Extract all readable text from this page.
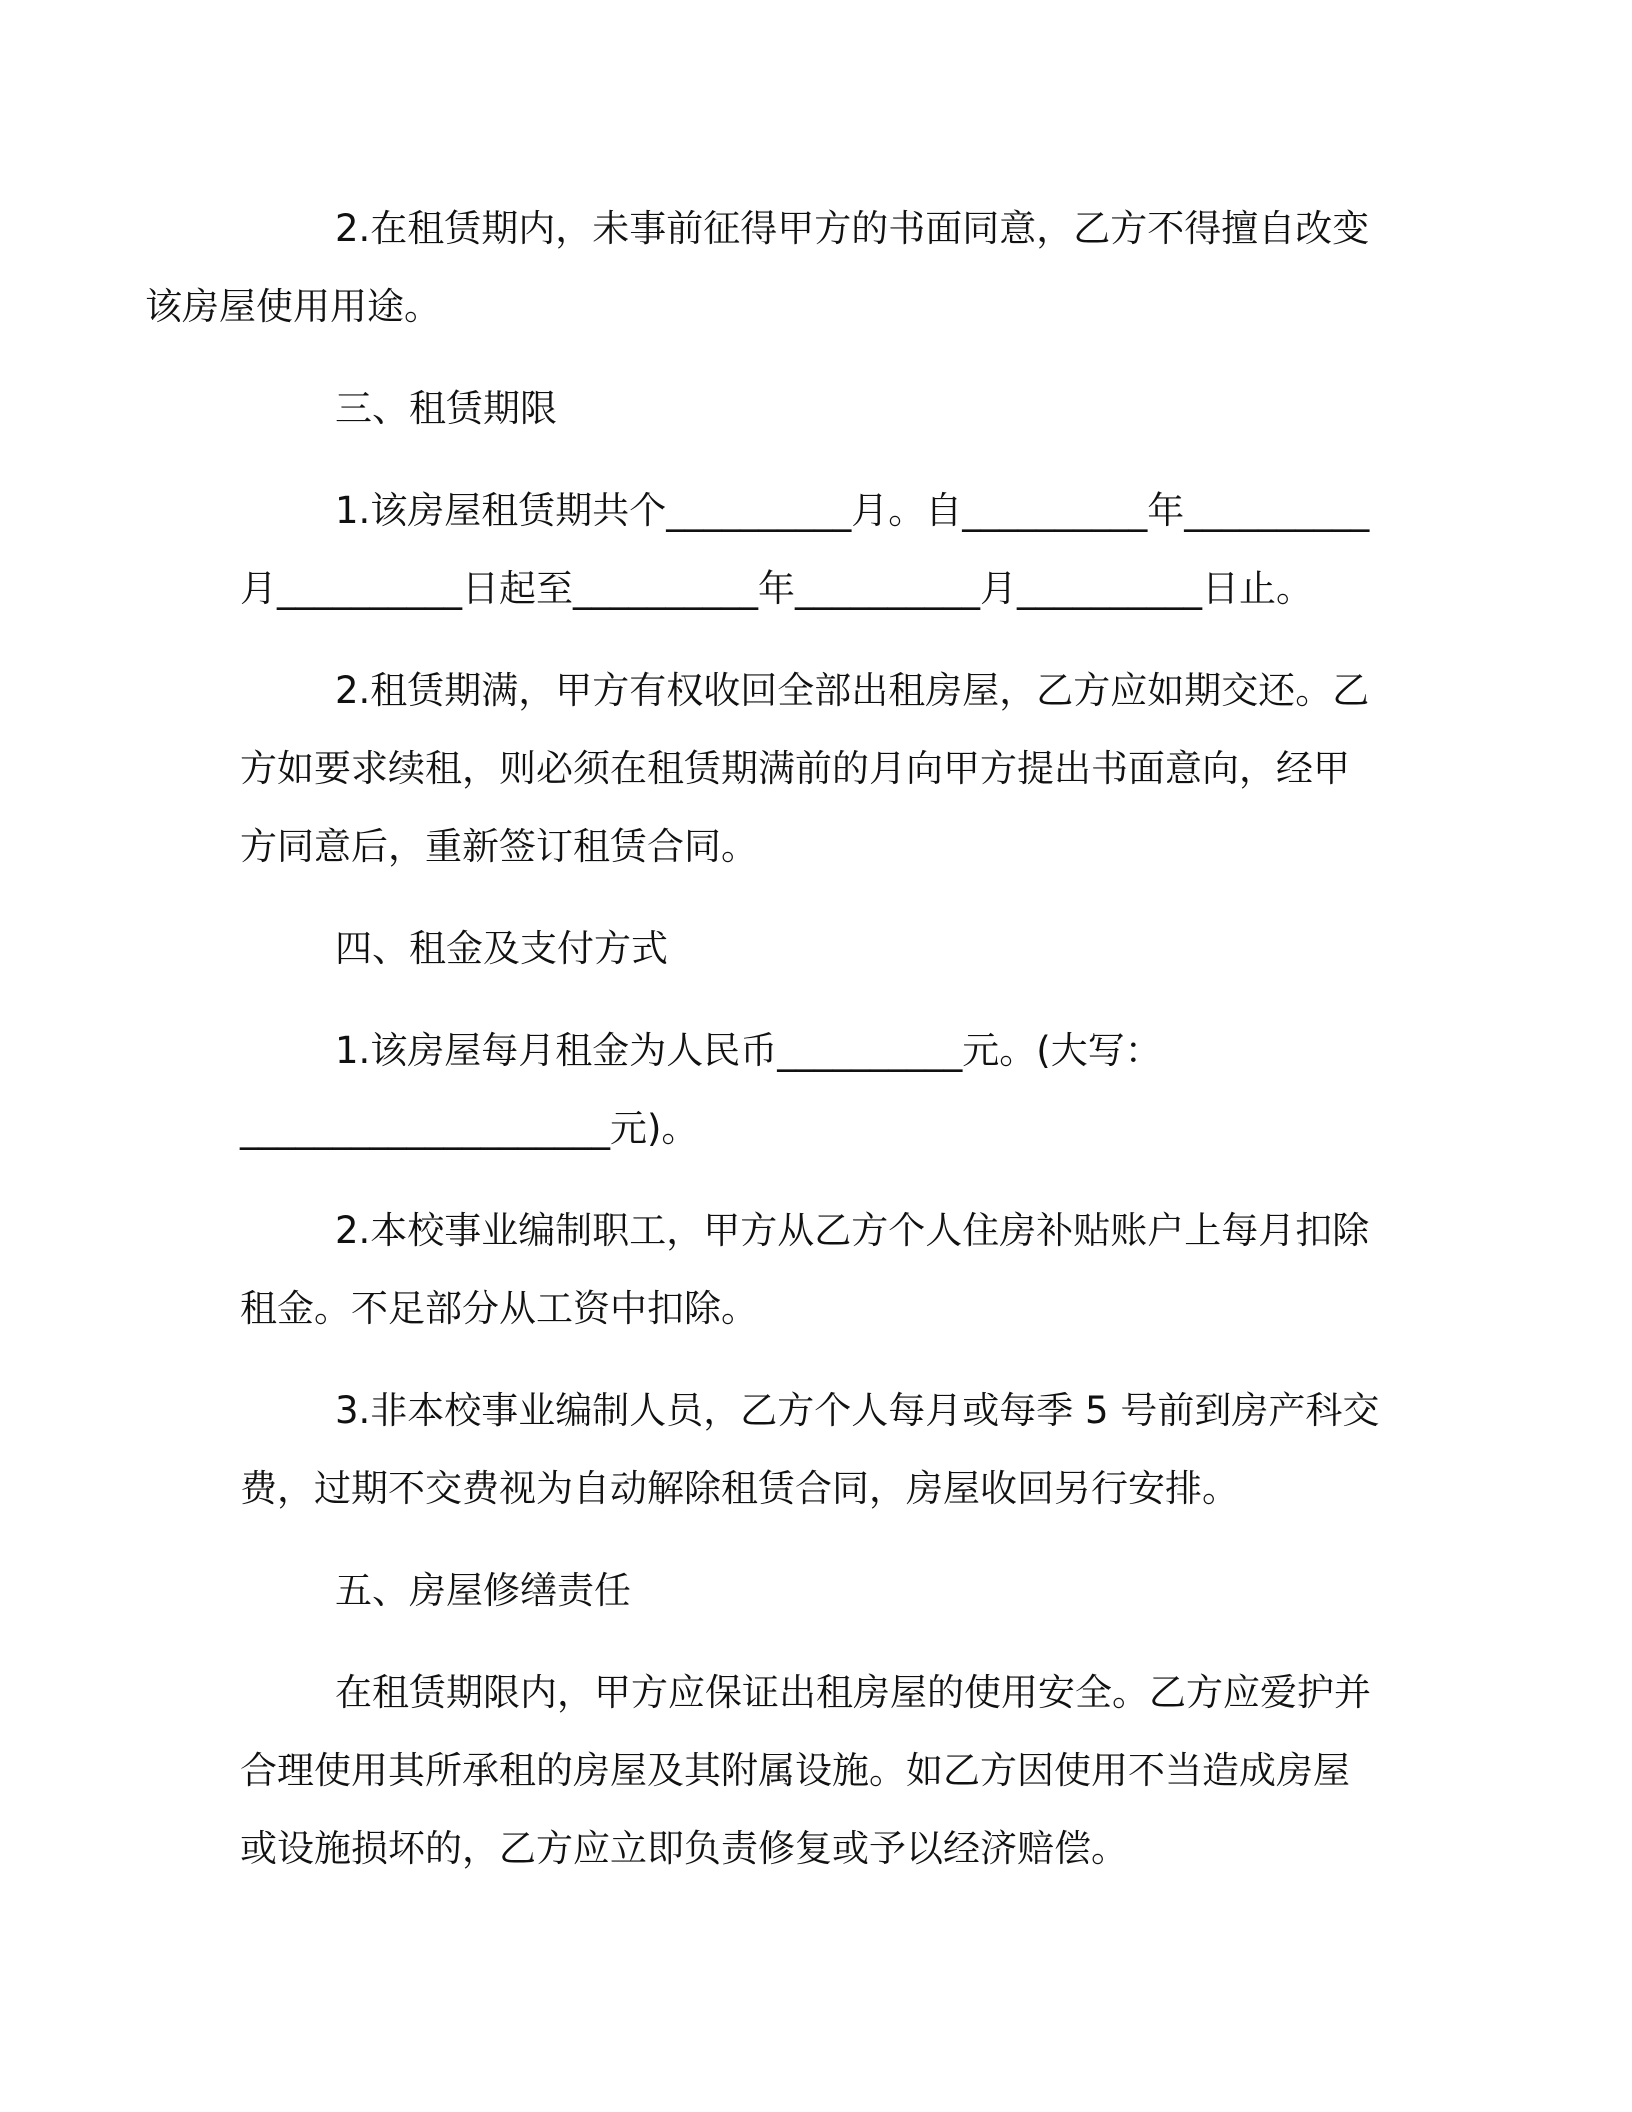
2.在租赁期内，未事前征得甲方的书面同意，乙方不得擅自改变
该房屋使用用途。
三、租赁期限
1.该房屋租赁期共个__________月。自__________年__________
月__________日起至__________年__________月__________日止。
2.租赁期满，甲方有权收回全部出租房屋，乙方应如期交还。乙
方如要求续租，则必须在租赁期满前的月向甲方提出书面意向，经甲
方同意后，重新签订租赁合同。
四、租金及支付方式
1.该房屋每月租金为人民币__________元。(大写：
____________________元)。
2.本校事业编制职工，甲方从乙方个人住房补贴账户上每月扣除
租金。不足部分从工资中扣除。
3.非本校事业编制人员，乙方个人每月或每季 5 号前到房产科交
费，过期不交费视为自动解除租赁合同，房屋收回另行安排。
五、房屋修缮责任
在租赁期限内，甲方应保证出租房屋的使用安全。乙方应爱护并
合理使用其所承租的房屋及其附属设施。如乙方因使用不当造成房屋
或设施损坏的，乙方应立即负责修复或予以经济赔偿。
